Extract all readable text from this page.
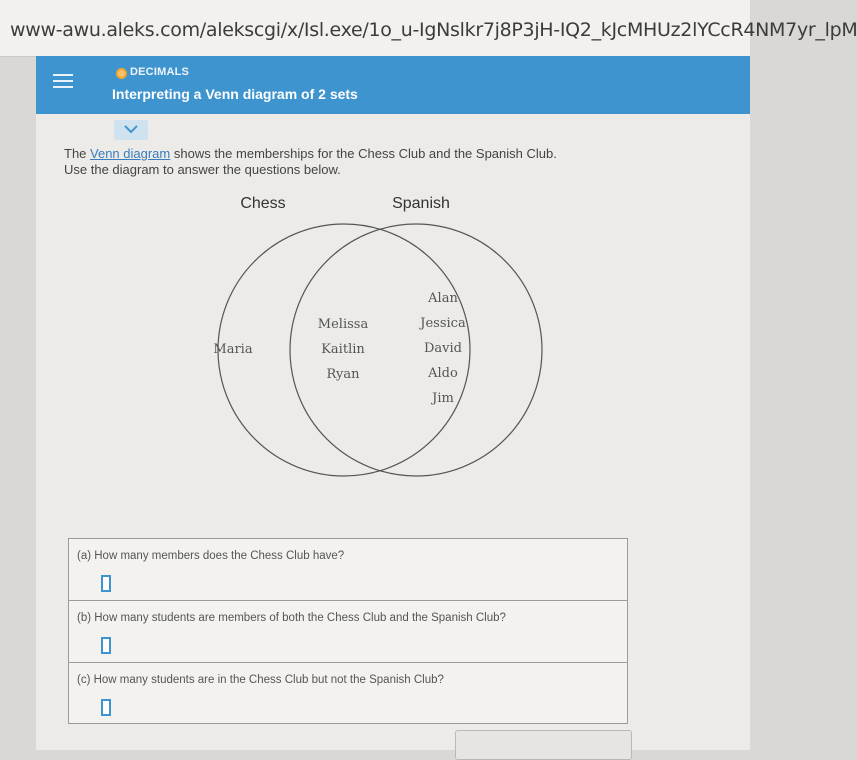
www-awu.aleks.com/alekscgi/x/Isl.exe/1o_u-IgNslkr7j8P3jH-IQ2_kJcMHUz2lYCcR4NM7yr_lpM
DECIMALS
Interpreting a Venn diagram of 2 sets
The Venn diagram shows the memberships for the Chess Club and the Spanish Club.
Use the diagram to answer the questions below.
Chess	Spanish
Maria
Melissa
Kaitlin
Ryan
Alan
Jessica
David
Aldo
Jim
(a) How many members does the Chess Club have?
(b) How many students are members of both the Chess Club and the Spanish Club?
(c) How many students are in the Chess Club but not the Spanish Club?
